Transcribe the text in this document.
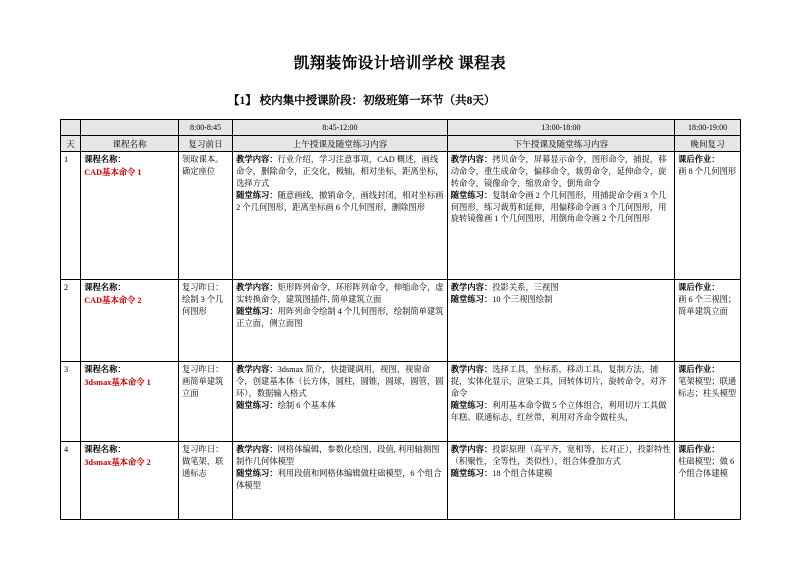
凯翔装饰设计培训学校 课程表
【1】 校内集中授课阶段：初级班第一环节（共8天）
		8:00-8:45	8:45-12:00	13:00-18:00	18:00-19:00
天	课程名称	复习前日	上午授课及随堂练习内容	下午授课及随堂练习内容	晚间复习
1	课程名称：
CAD基本命令 1	领取课本。确定座位	教学内容：行业介绍，学习注意事项，CAD 概述，画线命令，删除命令，正交化，极轴，相对坐标，距离坐标，选择方式
随堂练习：随意画线，撤销命令，画线封闭，相对坐标画 2 个几何图形，距离坐标画 6 个几何图形，删除图形	教学内容：拷贝命令，屏幕显示命令，图形命令，捕捉，移动命令，重生成命令，偏移命令，裁剪命令，延伸命令，旋转命令，镜像命令，缩放命令，倒角命令
随堂练习：复制命令画 2 个几何图形，用捕捉命令画 3 个几何图形，练习裁剪和延伸，用偏移命令画 3 个几何图形，用旋转镜像画 1 个几何图形，用倒角命令画 2 个几何图形	课后作业：
画 8 个几何图形

2	课程名称：
CAD基本命令 2	复习昨日：绘制 3 个几何图形	教学内容：矩形阵列命令，环形阵列命令，伸缩命令，虚实转换命令，建筑图插件, 简单建筑立面
随堂练习：用阵列命令绘制 4 个几何图形，绘制简单建筑正立面，侧立面图	教学内容：投影关系，三视图
随堂练习：10 个三视图绘制	课后作业：
画 6 个三视图；简单建筑立面

3	课程名称：
3dsmax基本命令 1	复习昨日：画简单建筑立面	教学内容：3dsmax 简介，快捷键调用，视图，视窗命令，创建基本体（长方体，圆柱，圆锥，圆球，圆管，圆环），数据输入格式
随堂练习：绘制 6 个基本体	教学内容：选择工具，坐标系，移动工具，复制方法，捕捉，实体化显示，渲染工具，回转体切片，旋转命令，对齐命令
随堂练习：利用基本命令做 5 个立体组合，利用切片工具做年糕、联通标志，红丝带，利用对齐命令做柱头，	课后作业：
笔架模型；联通标志；柱头模型

4	课程名称：
3dsmax基本命令 2	复习昨日：做笔架，联通标志	教学内容：网格体编辑，参数化绘图，段值, 利用轴测图制作几何体模型
随堂练习：利用段值和网格体编辑做柱础模型，6 个组合体模型	教学内容：投影原理（高平齐，宽相等，长对正），投影特性（积聚性，全等性，类似性），组合体叠加方式
随堂练习：18 个组合体建模	课后作业：
柱础模型；做 6 个组合体建模
